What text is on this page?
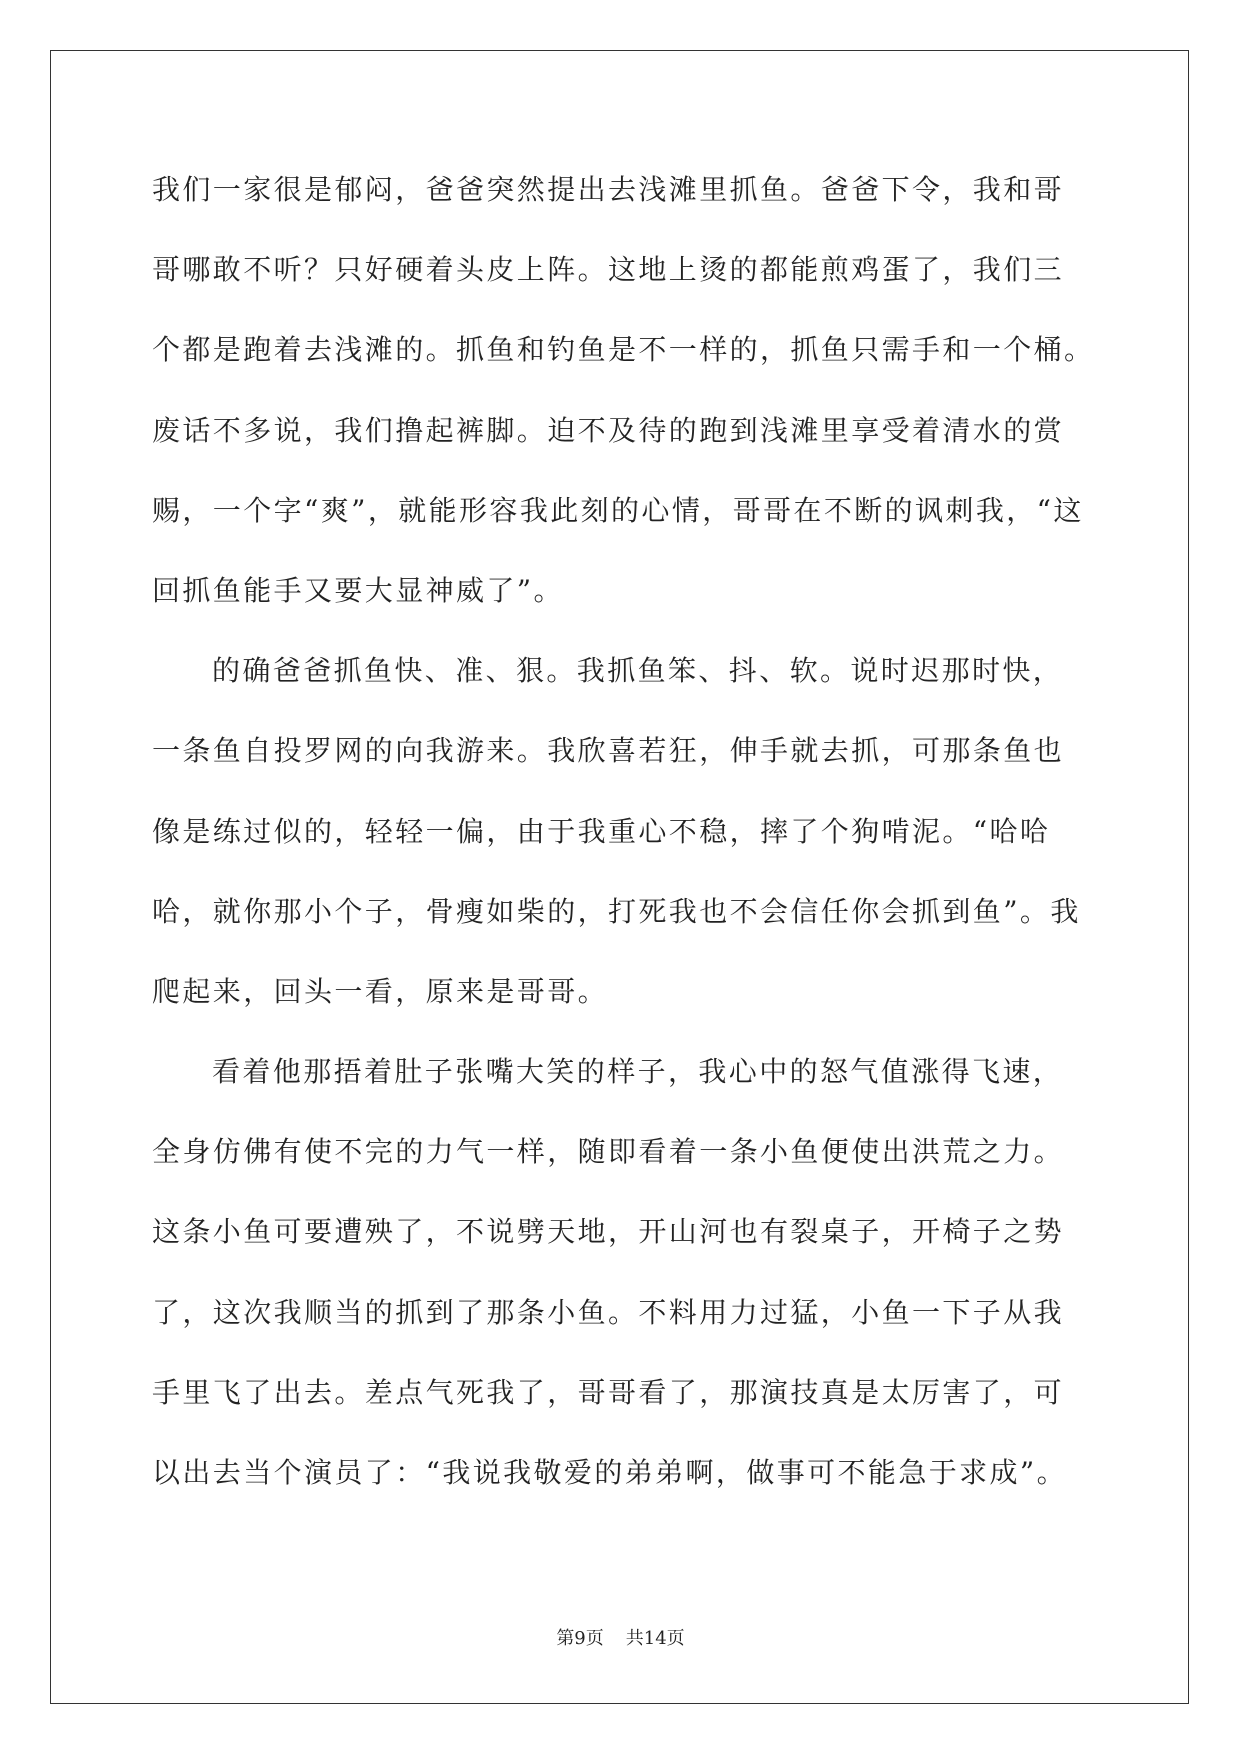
我们一家很是郁闷，爸爸突然提出去浅滩里抓鱼。爸爸下令，我和哥
哥哪敢不听？只好硬着头皮上阵。这地上烫的都能煎鸡蛋了，我们三
个都是跑着去浅滩的。抓鱼和钓鱼是不一样的，抓鱼只需手和一个桶。
废话不多说，我们撸起裤脚。迫不及待的跑到浅滩里享受着清水的赏
赐，一个字“爽”，就能形容我此刻的心情，哥哥在不断的讽刺我，“这
回抓鱼能手又要大显神威了”。
的确爸爸抓鱼快、准、狠。我抓鱼笨、抖、软。说时迟那时快，
一条鱼自投罗网的向我游来。我欣喜若狂，伸手就去抓，可那条鱼也
像是练过似的，轻轻一偏，由于我重心不稳，摔了个狗啃泥。“哈哈
哈，就你那小个子，骨瘦如柴的，打死我也不会信任你会抓到鱼”。我
爬起来，回头一看，原来是哥哥。
看着他那捂着肚子张嘴大笑的样子，我心中的怒气值涨得飞速，
全身仿佛有使不完的力气一样，随即看着一条小鱼便使出洪荒之力。
这条小鱼可要遭殃了，不说劈天地，开山河也有裂桌子，开椅子之势
了，这次我顺当的抓到了那条小鱼。不料用力过猛，小鱼一下子从我
手里飞了出去。差点气死我了，哥哥看了，那演技真是太厉害了，可
以出去当个演员了：“我说我敬爱的弟弟啊，做事可不能急于求成”。
第9页 共14页
